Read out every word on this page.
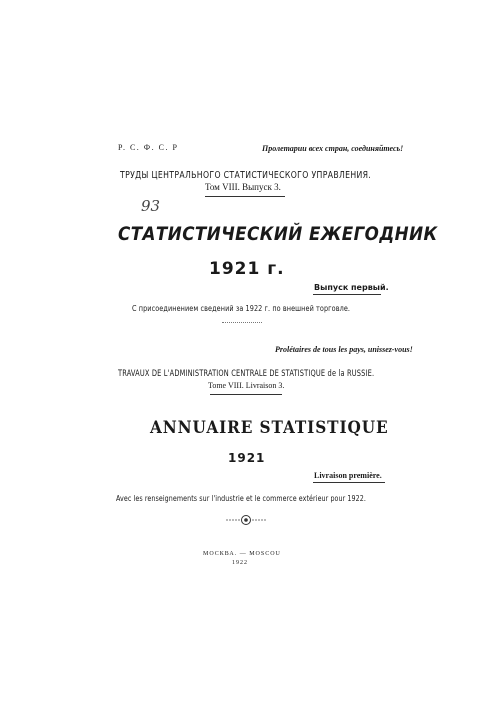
Р. С. Ф. С. Р	Пролетарии всех стран, соединяйтесь!
ТРУДЫ ЦЕНТРАЛЬНОГО СТАТИСТИЧЕСКОГО УПРАВЛЕНИЯ.
Том VIII. Выпуск 3.
93
СТАТИСТИЧЕСКИЙ ЕЖЕГОДНИК
1921 г.
Выпуск первый.
С присоединением сведений за 1922 г. по внешней торговле.
Prolétaires de tous les pays, unissez-vous!
TRAVAUX DE L'ADMINISTRATION CENTRALE DE STATISTIQUE de la RUSSIE.
Tome VIII. Livraison 3.
ANNUAIRE STATISTIQUE
1921
Livraison première.
Avec les renseignements sur l'industrie et le commerce extérieur pour 1922.
МОСКВА. — MOSCOU
1922
